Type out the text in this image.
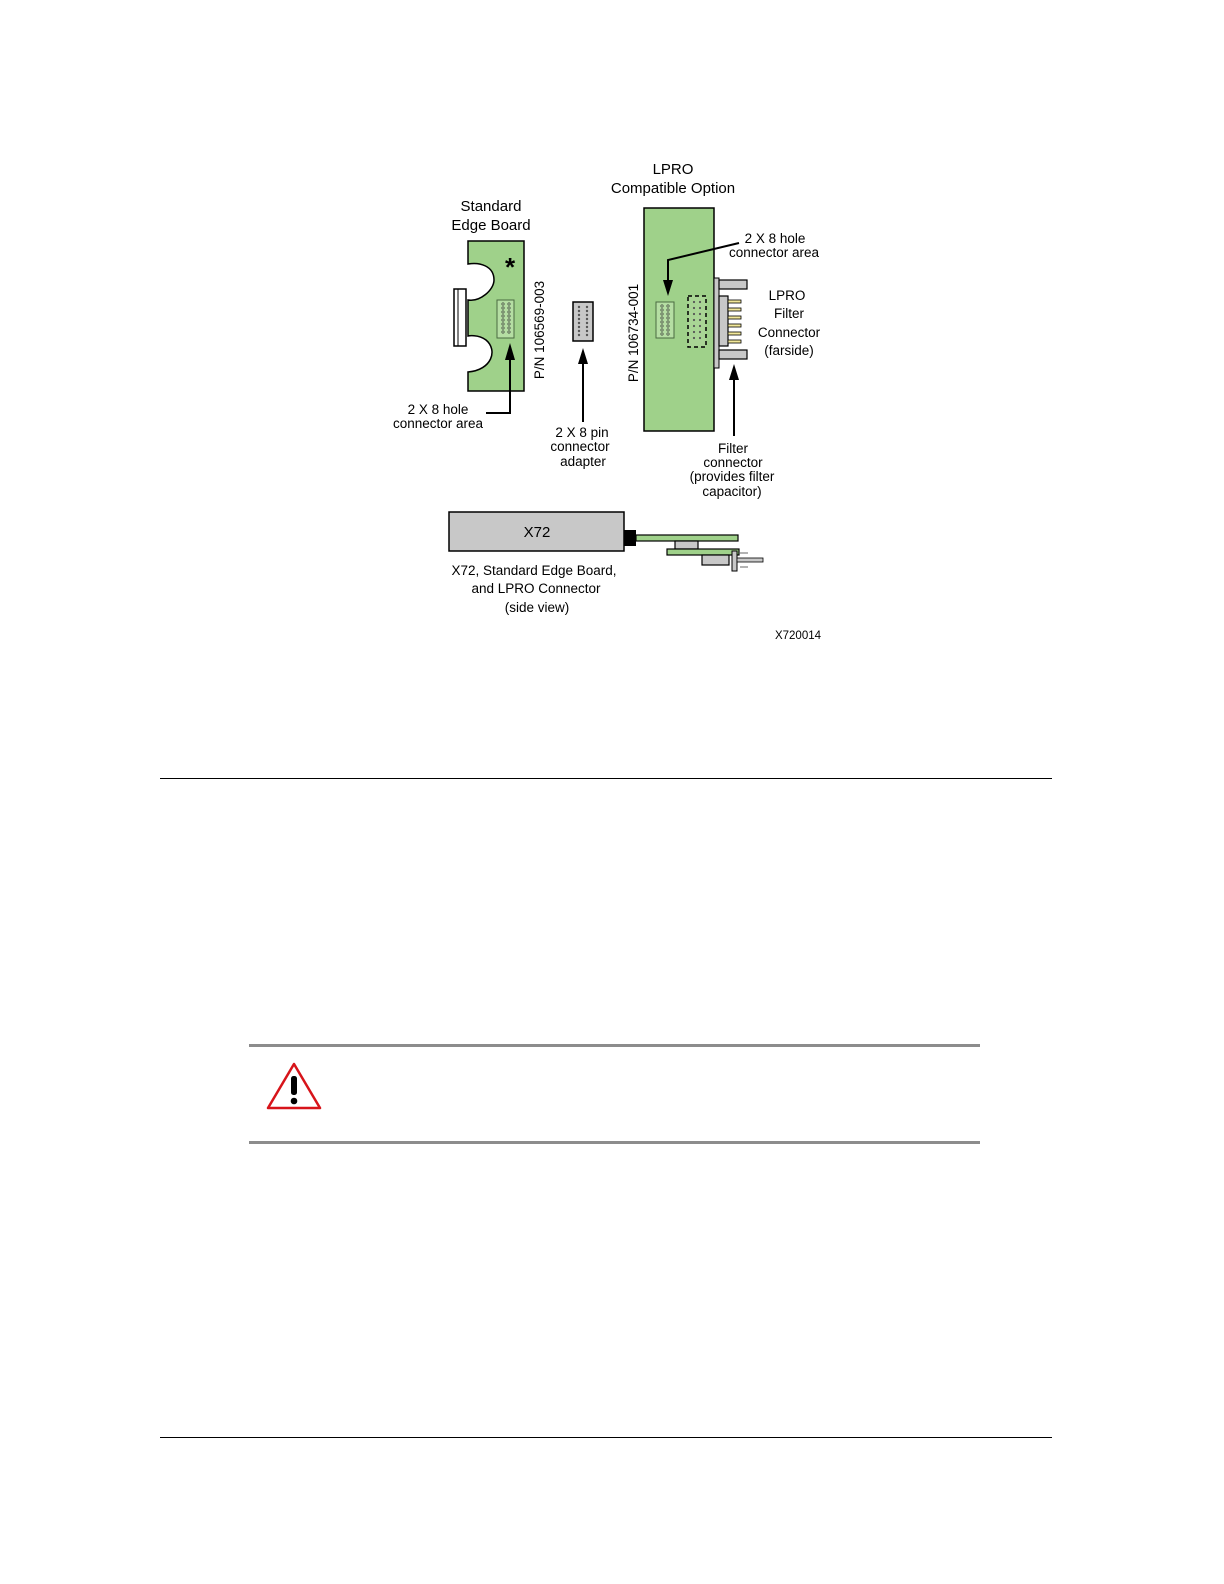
Standard
Edge Board
*
P/N 106569-003
2 X 8 hole
connector area
2 X 8 pin
connector
adapter
LPRO
Compatible Option
P/N 106734-001
2 X 8 hole
connector area
LPRO
Filter
Connector
(farside)
Filter
connector
(provides filter
capacitor)
X72
X72, Standard Edge Board,
and LPRO Connector
(side view)
X720014
